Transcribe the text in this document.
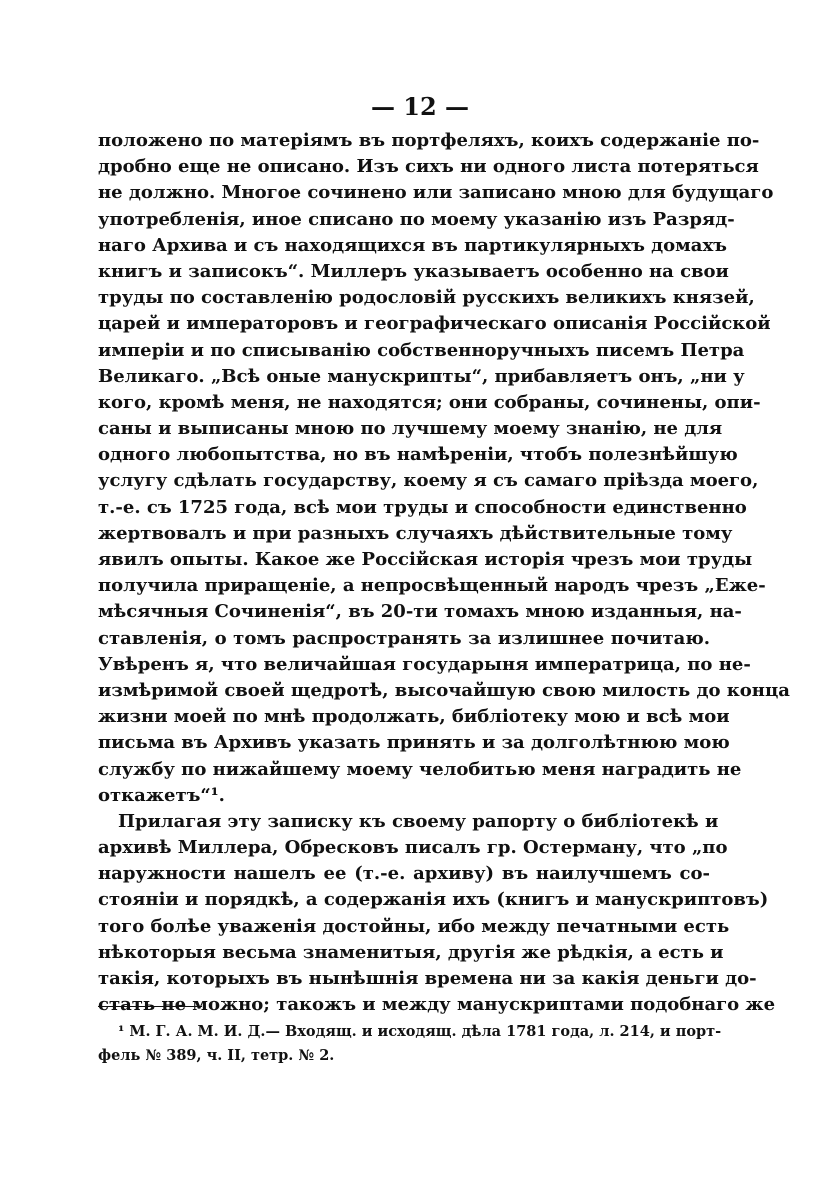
— 12 —
положено по матеріямъ въ портфеляхъ, коихъ содержаніе по-
дробно еще не описано. Изъ сихъ ни одного листа потеряться
не должно. Многое сочинено или записано мною для будущаго
употребленія, иное списано по моему указанію изъ Разряд-
наго Архива и съ находящихся въ партикулярныхъ домахъ
книгъ и записокъ“. Миллеръ указываетъ особенно на свои
труды по составленію родословій русскихъ великихъ князей,
царей и императоровъ и географическаго описанія Россійской
имперіи и по списыванію собственноручныхъ писемъ Петра
Великаго. „Всѣ оные манускрипты“, прибавляетъ онъ, „ни у
кого, кромѣ меня, не находятся; они собраны, сочинены, опи-
саны и выписаны мною по лучшему моему знанію, не для
одного любопытства, но въ намѣреніи, чтобъ полезнѣйшую
услугу сдѣлать государству, коему я съ самаго пріѣзда моего,
т.-е. съ 1725 года, всѣ мои труды и способности единственно
жертвовалъ и при разныхъ случаяхъ дѣйствительные тому
явилъ опыты. Какое же Россійская исторія чрезъ мои труды
получила приращеніе, а непросвѣщенный народъ чрезъ „Еже-
мѣсячныя Сочиненія“, въ 20-ти томахъ мною изданныя, на-
ставленія, о томъ распространять за излишнее почитаю.
Увѣренъ я, что величайшая государыня императрица, по не-
измѣримой своей щедротѣ, высочайшую свою милость до конца
жизни моей по мнѣ продолжать, библіотеку мою и всѣ мои
письма въ Архивъ указать принять и за долголѣтнюю мою
службу по нижайшему моему челобитью меня наградить не
откажетъ“¹.
Прилагая эту записку къ своему рапорту о библіотекѣ и
архивѣ Миллера, Обресковъ писалъ гр. Остерману, что „по
наружности нашелъ ее (т.-е. архиву) въ наилучшемъ со-
стояніи и порядкѣ, а содержанія ихъ (книгъ и манускриптовъ)
того болѣе уваженія достойны, ибо между печатными есть
нѣкоторыя весьма знаменитыя, другія же рѣдкія, а есть и
такія, которыхъ въ нынѣшнія времена ни за какія деньги до-
стать не можно; такожъ и между манускриптами подобнаго же
¹ М. Г. А. М. И. Д.— Входящ. и исходящ. дѣла 1781 года, л. 214, и порт-
фель № 389, ч. II, тетр. № 2.
